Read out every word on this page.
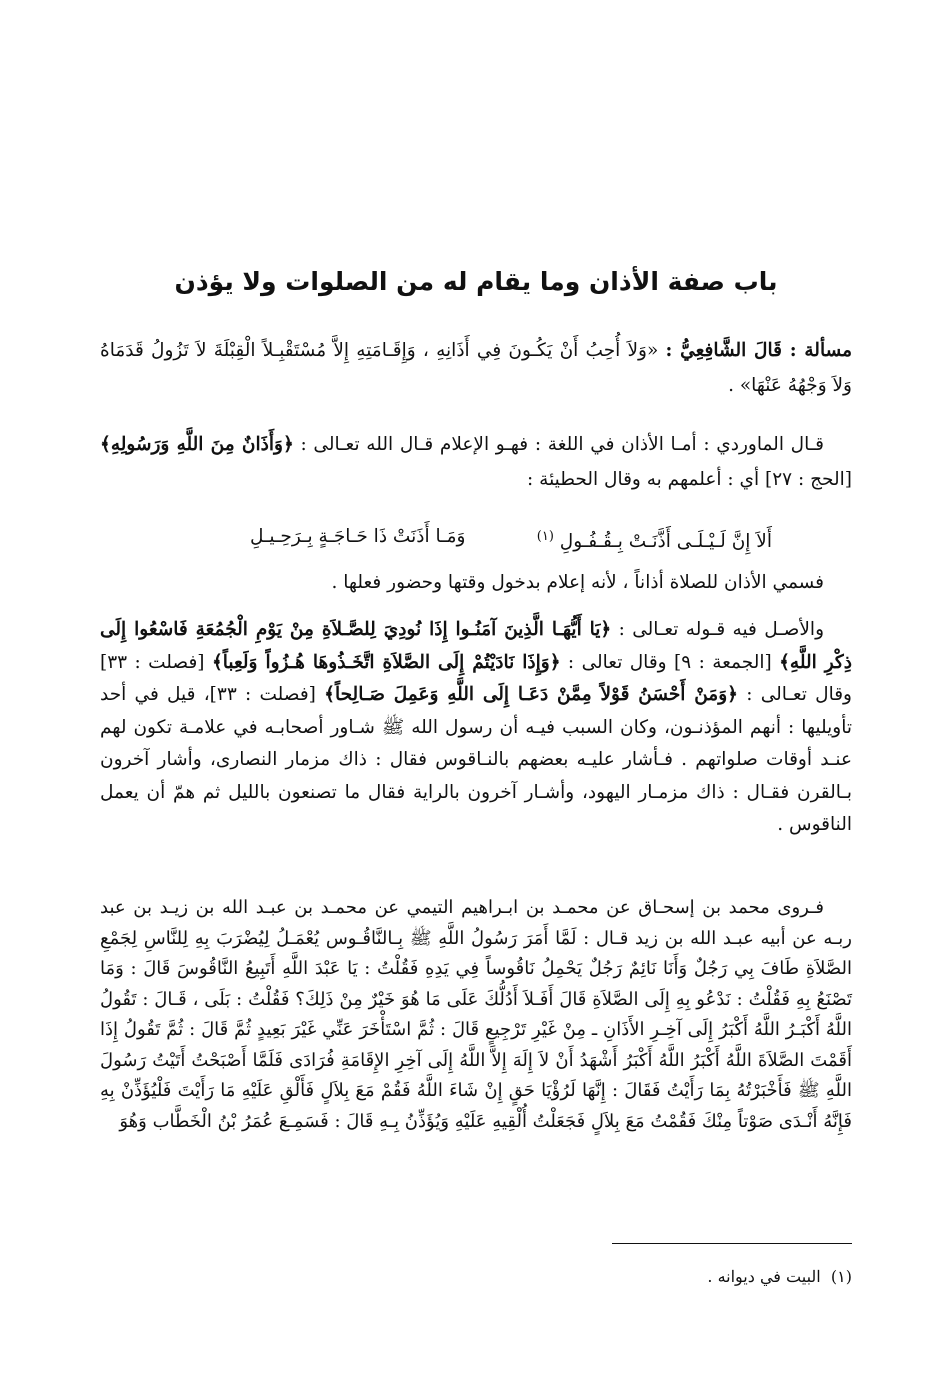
باب صفة الأذان وما يقام له من الصلوات ولا يؤذن
مسألة : قَالَ الشَّافِعِيُّ : «وَلاَ أُحِبُ أَنْ يَكُـونَ فِي أَذَانِهِ ، وَإِقَـامَتِهِ إِلاَّ مُسْتَقْبِـلاً الْقِبْلَةَ لاَ تَزُولُ قَدَمَاهُ وَلاَ وَجْهُهُ عَنْهَا» .
قـال الماوردي : أمـا الأذان في اللغة : فهـو الإعلام قـال الله تعـالى : ﴿وَأَذَانٌ مِنَ اللَّهِ وَرَسُولِهِ﴾ [الحج : ٢٧] أي : أعلمهم به وقال الحطيئة :
أَلاَ إِنَّ لَـيْـلَـى أَذَّنَـتْ بِـقُـفُـولِ $^{(١)}$
وَمَـا أَذَنَتْ ذَا حَـاجَـةٍ بِـرَحِـيـلِ
فسمي الأذان للصلاة أذاناً ، لأنه إعلام بدخول وقتها وحضور فعلها .
والأصـل فيه قـوله تعـالى : ﴿يَا أَيُّهَـا الَّذِينَ آمَنُـوا إِذَا نُودِيَ لِلصَّـلاَةِ مِنْ يَوْمِ الْجُمُعَةِ فَاسْعُوا إِلَى ذِكْرِ اللَّهِ﴾ [الجمعة : ٩] وقال تعالى : ﴿وَإِذَا نَادَيْتُمْ إِلَى الصَّلاَةِ اتَّخَـذُوهَا هُـزُواً وَلَعِباً﴾ [فصلت : ٣٣] وقال تعـالى : ﴿وَمَنْ أَحْسَنُ قَوْلاً مِمَّنْ دَعَـا إِلَى اللَّهِ وَعَمِلَ صَـالِحاً﴾ [فصلت : ٣٣]، قيل في أحد تأويليها : أنهم المؤذنـون، وكان السبب فيـه أن رسول الله ﷺ شـاور أصحابـه في علامـة تكون لهم عنـد أوقات صلواتهم . فـأشار عليـه بعضهم بالنـاقوس فقال : ذاك مزمار النصارى، وأشار آخرون بـالقرن فقـال : ذاك مزمـار اليهود، وأشـار آخرون بالراية فقال ما تصنعون بالليل ثم همّ أن يعمل الناقوس .
فـروى محمد بن إسحـاق عن محمـد بن ابـراهيم التيمي عن محمـد بن عبـد الله بن زيـد بن عبد ربـه عن أبيه عبـد الله بن زيد قـال : لَمَّا أَمَرَ رَسُولُ اللَّهِ ﷺ بِـالنَّاقُـوس يُعْمَـلُ لِيُضْرَبَ بِهِ لِلنَّاسِ لِجَمْعِ الصَّلاَةِ طَافَ بِي رَجُلٌ وَأَنَا نَائِمٌ رَجُلٌ يَحْمِلُ نَاقُوساً فِي يَدِهِ فَقُلْتُ : يَا عَبْدَ اللَّهِ أَتَبِيعُ النَّاقُوسَ قَالَ : وَمَا تَصْنَعُ بِهِ فَقُلْتُ : نَدْعُو بِهِ إِلَى الصَّلاَةِ قَالَ أَفَـلاَ أَدُلُّكَ عَلَى مَا هُوَ خَيْرٌ مِنْ ذَلِكَ؟ فَقُلْتُ : بَلَى ، قَـالَ : تَقُولُ اللَّهُ أَكْبَـرُ اللَّهُ أَكْبَرُ إِلَى آخِـرِ الأَذَانِ ـ مِنْ غَيْرِ تَرْجِيعٍ قَالَ : ثُمَّ اسْتَأْخَرَ عَنِّي غَيْرَ بَعِيدٍ ثُمَّ قَالَ : ثُمَّ تَقُولُ إِذَا أَقَمْتَ الصَّلاَةَ اللَّهُ أَكْبَرُ اللَّهُ أَكْبَرُ أَشْهَدُ أَنْ لاَ إِلَهَ إِلاَّ اللَّهُ إِلَى آخِرِ الإِقَامَةِ فُرَادَى فَلَمَّا أَصْبَحْتُ أَتَيْتُ رَسُولَ اللَّهِ ﷺ فَأَخْبَرْتُهُ بِمَا رَأَيْتُ فَقَالَ : إِنَّهَا لَرُؤْيَا حَقٍ إِنْ شَاءَ اللَّهُ فَقُمْ مَعَ بِلاَلٍ فَأَلْقِ عَلَيْهِ مَا رَأَيْتَ فَلْيُؤَذِّنْ بِهِ فَإِنَّهُ أَنْـدَى صَوْتاً مِنْكَ فَقُمْتُ مَعَ بِلاَلٍ فَجَعَلْتُ أُلْقِيهِ عَلَيْهِ وَيُؤَذِّنُ بِـهِ قَالَ : فَسَمِـعَ عُمَرُ بْنُ الْخَطَّاب وَهُوَ
(١)  البيت في ديوانه .
